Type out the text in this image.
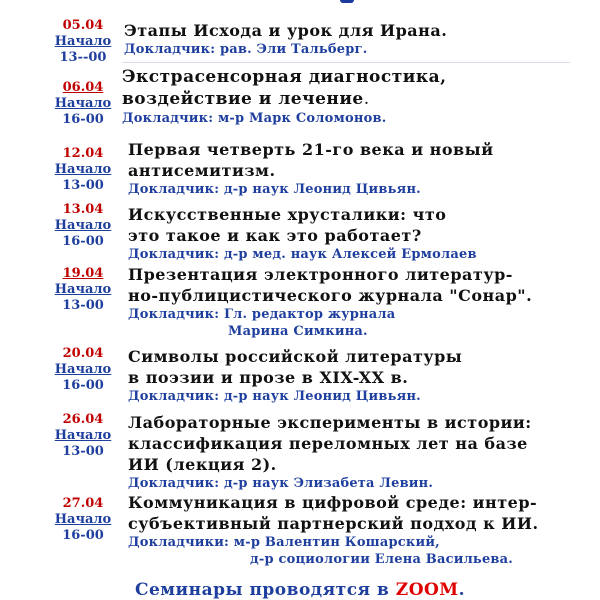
05.04
Начало
13--00
Этапы Исхода и урок для Ирана.
Докладчик: рав. Эли Тальберг.
06.04
Начало
16-00
Экстрасенсорная диагностика,
воздействие и лечение.
Докладчик: м-р Марк Соломонов.
12.04
Начало
13-00
Первая четверть 21-го века и новый
антисемитизм.
Докладчик: д-р наук Леонид Цивьян.
13.04
Начало
16-00
Искусственные хрусталики: что
это такое и как это работает?
Докладчик: д-р мед. наук Алексей Ермолаев
19.04
Начало
13-00
Презентация электронного литератур-
но-публицистического журнала "Сонар".
Докладчик: Гл. редактор журнала
Марина Симкина.
20.04
Начало
16-00
Символы российской литературы
в поэзии и прозе в XIX-XX в.
Докладчик: д-р наук Леонид Цивьян.
26.04
Начало
13-00
Лабораторные эксперименты в истории:
классификация переломных лет на базе
ИИ (лекция 2).
Докладчик: д-р наук Элизабета Левин.
27.04
Начало
16-00
Коммуникация в цифровой среде: интер-
субъективный партнерский подход к ИИ.
Докладчики: м-р Валентин Кошарский,
д-р социологии Елена Васильева.
Семинары проводятся в ZOOM.
